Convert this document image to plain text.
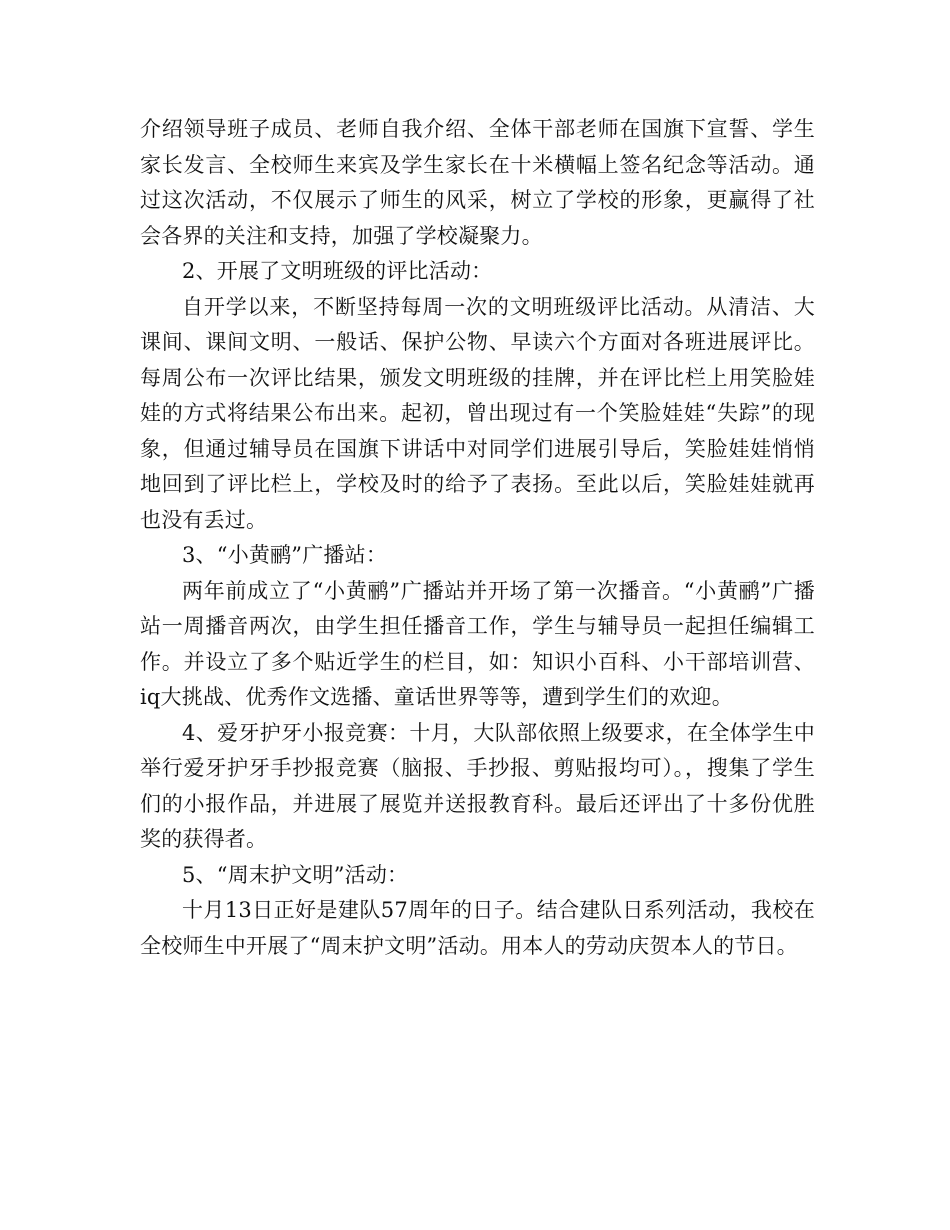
介绍领导班子成员、老师自我介绍、全体干部老师在国旗下宣誓、学生家长发言、全校师生来宾及学生家长在十米横幅上签名纪念等活动。通过这次活动，不仅展示了师生的风采，树立了学校的形象，更赢得了社会各界的关注和支持，加强了学校凝聚力。

2、开展了文明班级的评比活动：

自开学以来，不断坚持每周一次的文明班级评比活动。从清洁、大课间、课间文明、一般话、保护公物、早读六个方面对各班进展评比。每周公布一次评比结果，颁发文明班级的挂牌，并在评比栏上用笑脸娃娃的方式将结果公布出来。起初，曾出现过有一个笑脸娃娃“失踪”的现象，但通过辅导员在国旗下讲话中对同学们进展引导后，笑脸娃娃悄悄地回到了评比栏上，学校及时的给予了表扬。至此以后，笑脸娃娃就再也没有丢过。

3、“小黄鹂”广播站：

两年前成立了“小黄鹂”广播站并开场了第一次播音。“小黄鹂”广播站一周播音两次，由学生担任播音工作，学生与辅导员一起担任编辑工作。并设立了多个贴近学生的栏目，如：知识小百科、小干部培训营、iq大挑战、优秀作文选播、童话世界等等，遭到学生们的欢迎。

4、爱牙护牙小报竞赛：十月，大队部依照上级要求，在全体学生中举行爱牙护牙手抄报竞赛（脑报、手抄报、剪贴报均可）。，搜集了学生们的小报作品，并进展了展览并送报教育科。最后还评出了十多份优胜奖的获得者。

5、“周末护文明”活动：

十月13日正好是建队57周年的日子。结合建队日系列活动，我校在全校师生中开展了“周末护文明”活动。用本人的劳动庆贺本人的节日。
